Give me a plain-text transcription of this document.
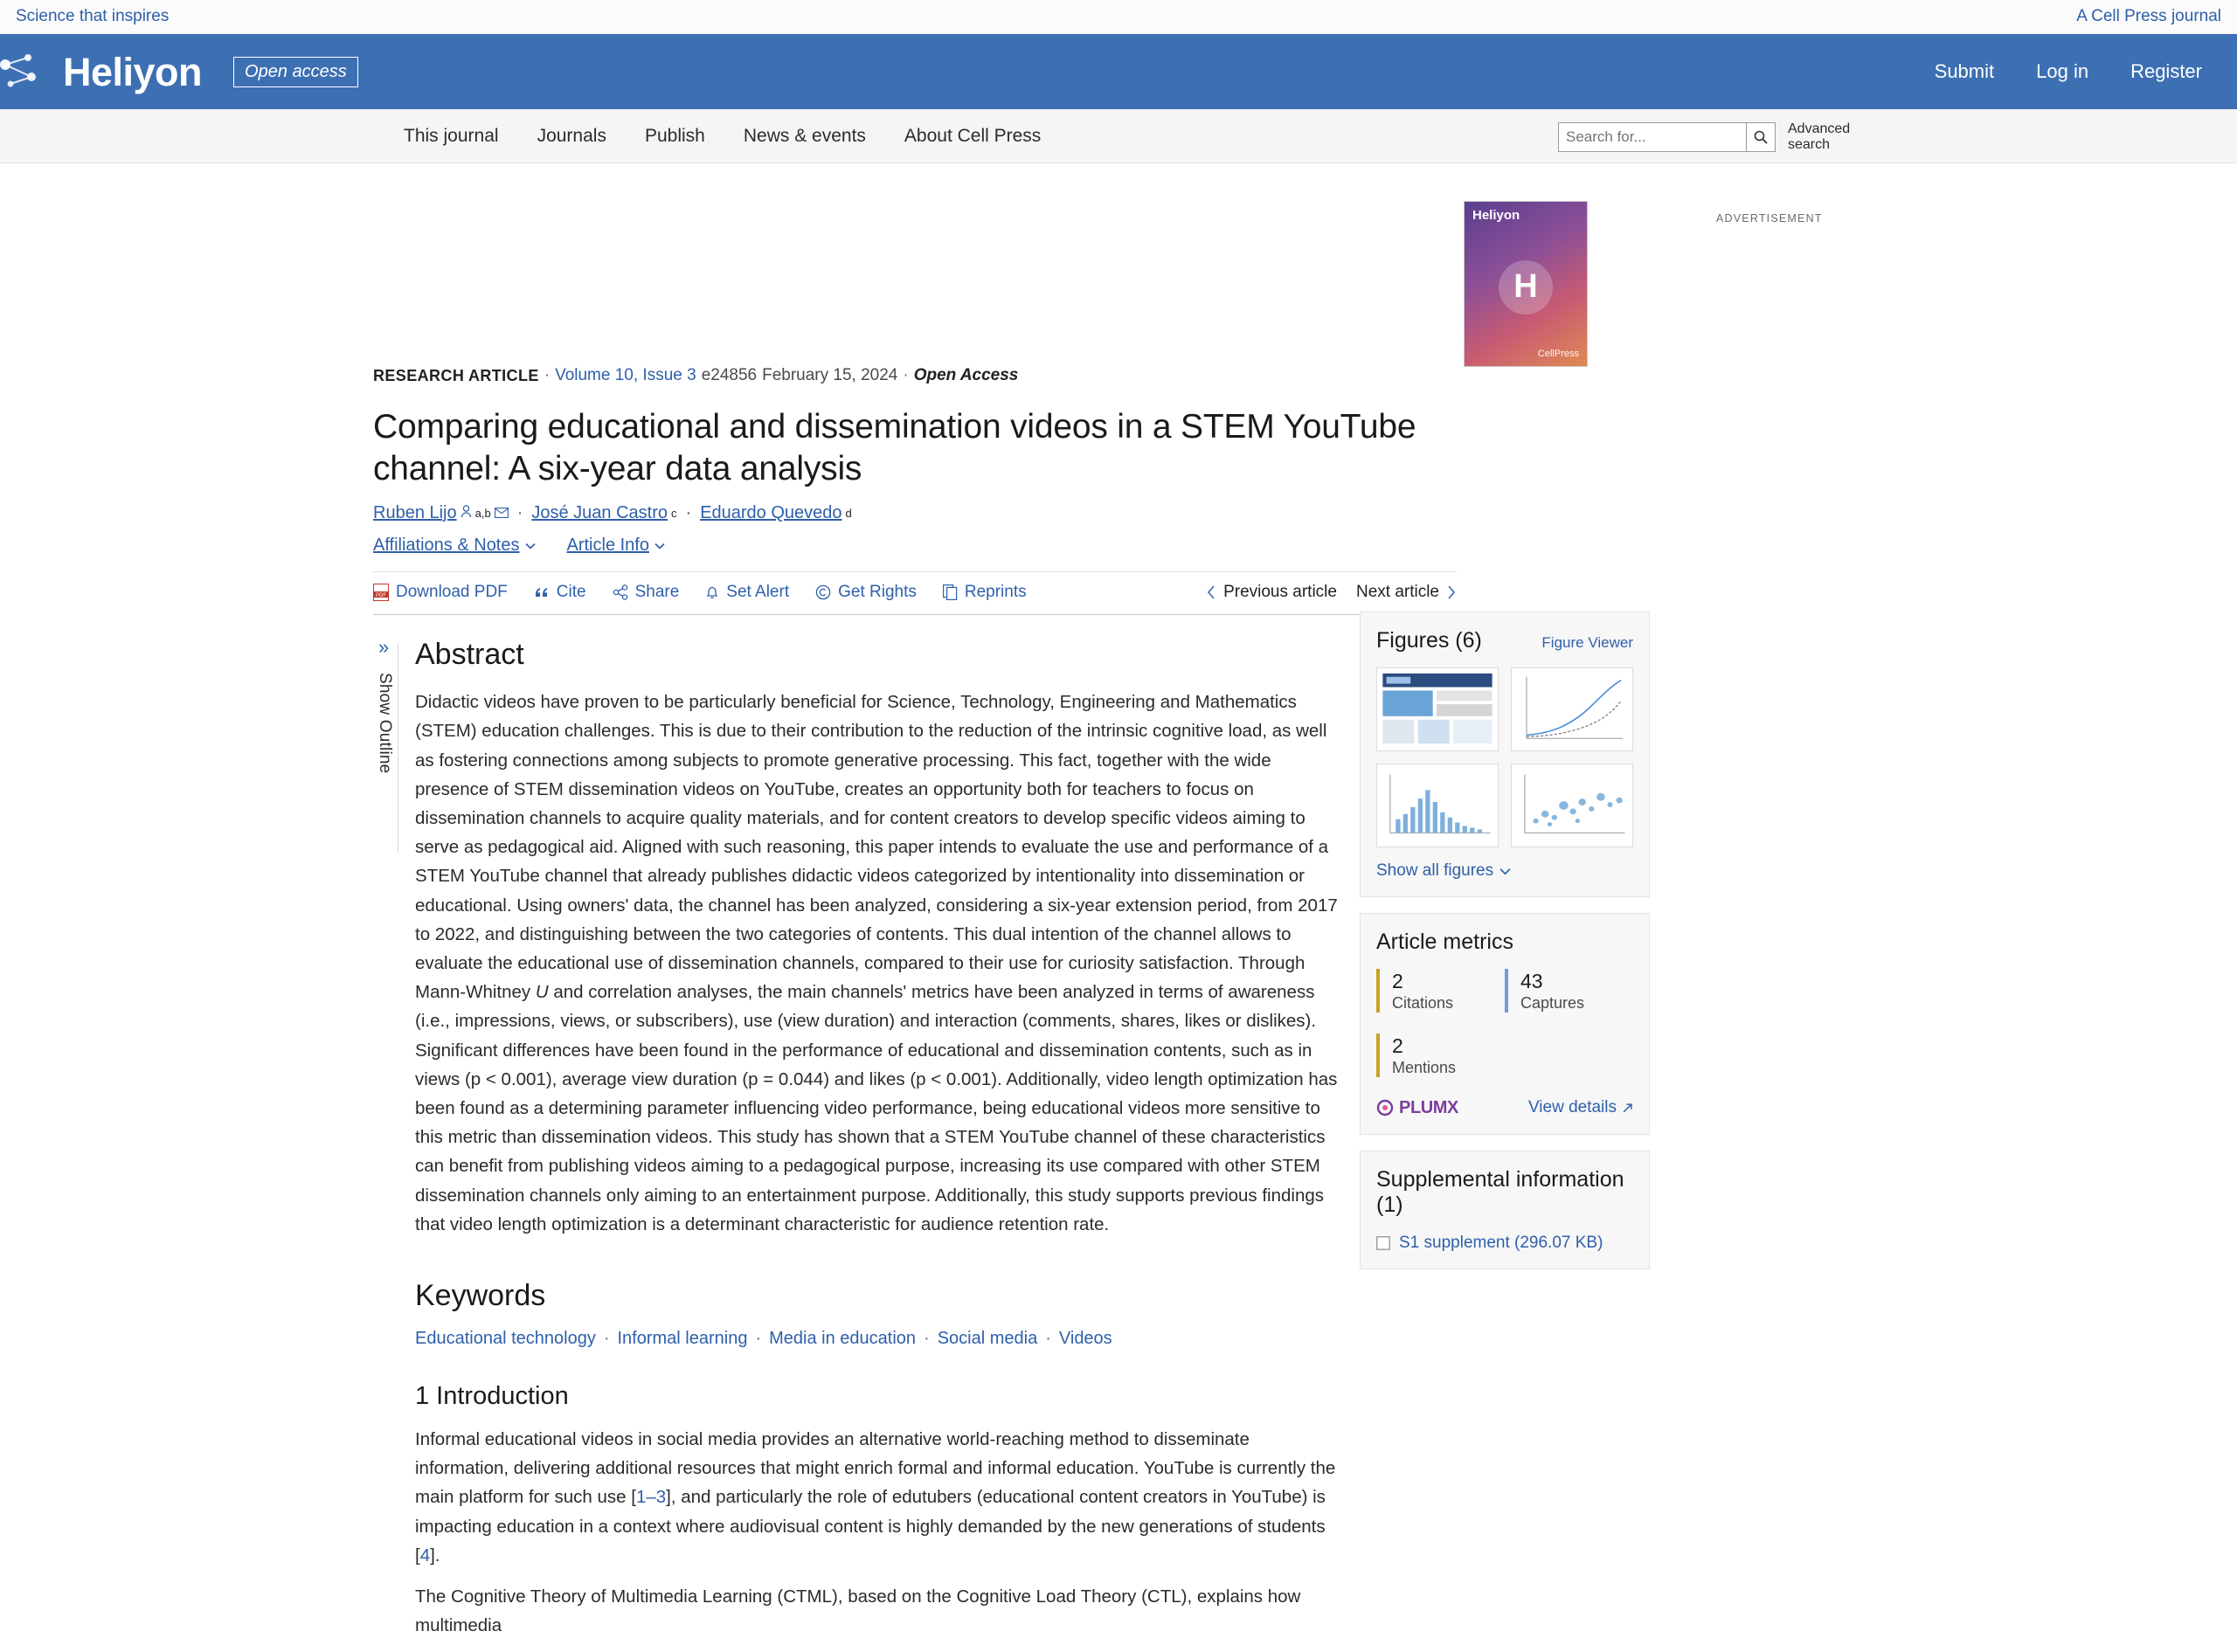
Science that inspires	A Cell Press journal
Heliyon	Open access	Submit Log in Register
This journal	Journals	Publish	News & events	About Cell Press
Search for...	Advanced search
Heliyon
H
CellPress
ADVERTISEMENT
RESEARCH ARTICLE · Volume 10, Issue 3 e24856 February 15, 2024 · Open Access
Comparing educational and dissemination videos in a STEM YouTube channel: A six-year data analysis
Ruben Lijo a,b · José Juan Castro c · Eduardo Quevedo d
Affiliations & Notes	Article Info
PDF Download PDF	Cite	Share	Set Alert	Get Rights	Reprints	Previous article Next article
»
Show Outline
Abstract

Didactic videos have proven to be particularly beneficial for Science, Technology, Engineering and Mathematics (STEM) education challenges. This is due to their contribution to the reduction of the intrinsic cognitive load, as well as fostering connections among subjects to promote generative processing. This fact, together with the wide presence of STEM dissemination videos on YouTube, creates an opportunity both for teachers to focus on dissemination channels to acquire quality materials, and for content creators to develop specific videos aiming to serve as pedagogical aid. Aligned with such reasoning, this paper intends to evaluate the use and performance of a STEM YouTube channel that already publishes didactic videos categorized by intentionality into dissemination or educational. Using owners' data, the channel has been analyzed, considering a six-year extension period, from 2017 to 2022, and distinguishing between the two categories of contents. This dual intention of the channel allows to evaluate the educational use of dissemination channels, compared to their use for curiosity satisfaction. Through Mann-Whitney U and correlation analyses, the main channels' metrics have been analyzed in terms of awareness (i.e., impressions, views, or subscribers), use (view duration) and interaction (comments, shares, likes or dislikes). Significant differences have been found in the performance of educational and dissemination contents, such as in views (p < 0.001), average view duration (p = 0.044) and likes (p < 0.001). Additionally, video length optimization has been found as a determining parameter influencing video performance, being educational videos more sensitive to this metric than dissemination videos. This study has shown that a STEM YouTube channel of these characteristics can benefit from publishing videos aiming to a pedagogical purpose, increasing its use compared with other STEM dissemination channels only aiming to an entertainment purpose. Additionally, this study supports previous findings that video length optimization is a determinant characteristic for audience retention rate.

Keywords
Educational technology · Informal learning · Media in education · Social media · Videos
1 Introduction

Informal educational videos in social media provides an alternative world-reaching method to disseminate information, delivering additional resources that might enrich formal and informal education. YouTube is currently the main platform for such use [1–3], and particularly the role of edutubers (educational content creators in YouTube) is impacting education in a context where audiovisual content is highly demanded by the new generations of students [4].

The Cognitive Theory of Multimedia Learning (CTML), based on the Cognitive Load Theory (CTL), explains how multimedia

Figures (6)	Figure Viewer
Show all figures
Article metrics
2
Citations
43
Captures
2
Mentions
PLUMX	View details
Supplemental information (1)
S1 supplement (296.07 KB)
